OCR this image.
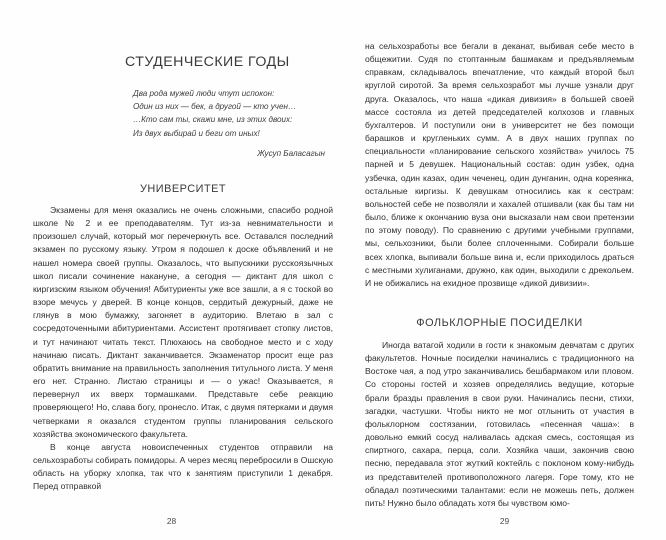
СТУДЕНЧЕСКИЕ ГОДЫ
Два рода мужей люди чтут испокон:
Один из них — бек, а другой — кто учен…
…Кто сам ты, скажи мне, из этих двоих:
Из двух выбирай и беги от иных!
Жусуп Баласагын
УНИВЕРСИТЕТ

Экзамены для меня оказались не очень сложными, спасибо родной школе № 2 и ее преподавателям. Тут из-за невнимательности и произошел случай, который мог перечеркнуть все. Оставался последний экзамен по русскому языку. Утром я подошел к доске объявлений и не нашел номера своей группы. Оказалось, что выпускники русскоязычных школ писали сочинение накануне, а сегодня — диктант для школ с киргизским языком обучения! Абитуриенты уже все зашли, а я с тоской во взоре мечусь у дверей. В конце концов, сердитый дежурный, даже не глянув в мою бумажку, загоняет в аудиторию. Влетаю в зал с сосредоточенными абитуриентами. Ассистент протягивает стопку листов, и тут начинают читать текст. Плюхаюсь на свободное место и с ходу начинаю писать. Диктант заканчивается. Экзаменатор просит еще раз обратить внимание на правильность заполнения титульного листа. У меня его нет. Странно. Листаю страницы и — о ужас! Оказывается, я перевернул их вверх тормашками. Представьте себе реакцию проверяющего! Но, слава богу, пронесло. Итак, с двумя пятерками и двумя четверками я оказался студентом группы планирования сельского хозяйства экономического факультета.

В конце августа новоиспеченных студентов отправили на сельхозработы собирать помидоры. А через месяц перебросили в Ошскую область на уборку хлопка, так что к занятиям приступили 1 декабря. Перед отправкой

28

на сельхозработы все бегали в деканат, выбивая себе место в общежитии. Судя по стоптанным башмакам и предъявляемым справкам, складывалось впечатление, что каждый второй был круглой сиротой. За время сельхозработ мы лучше узнали друг друга. Оказалось, что наша «дикая дивизия» в большей своей массе состояла из детей председателей колхозов и главных бухгалтеров. И поступили они в университет не без помощи барашков и кругленьких сумм. А в двух наших группах по специальности «планирование сельского хозяйства» училось 75 парней и 5 девушек. Национальный состав: один узбек, одна узбечка, один казах, один чеченец, один дунганин, одна кореянка, остальные киргизы. К девушкам относились как к сестрам: вольностей себе не позволяли и хахалей отшивали (как бы там ни было, ближе к окончанию вуза они высказали нам свои претензии по этому поводу). По сравнению с другими учебными группами, мы, сельхозники, были более сплоченными. Собирали больше всех хлопка, выпивали больше вина и, если приходилось драться с местными хулиганами, дружно, как один, выходили с дрекольем. И не обижались на ехидное прозвище «дикой дивизии».

ФОЛЬКЛОРНЫЕ ПОСИДЕЛКИ

Иногда ватагой ходили в гости к знакомым девчатам с других факультетов. Ночные посиделки начинались с традиционного на Востоке чая, а под утро заканчивались бешбармаком или пловом. Со стороны гостей и хозяев определялись ведущие, которые брали бразды правления в свои руки. Начинались песни, стихи, загадки, частушки. Чтобы никто не мог отлынить от участия в фольклорном состязании, готовилась «песенная чаша»: в довольно емкий сосуд наливалась адская смесь, состоящая из спиртного, сахара, перца, соли. Хозяйка чаши, закончив свою песню, передавала этот жуткий коктейль с поклоном кому-нибудь из представителей противоположного лагеря. Горе тому, кто не обладал поэтическими талантами: если не можешь петь, должен пить! Нужно было обладать хотя бы чувством юмо-

29
